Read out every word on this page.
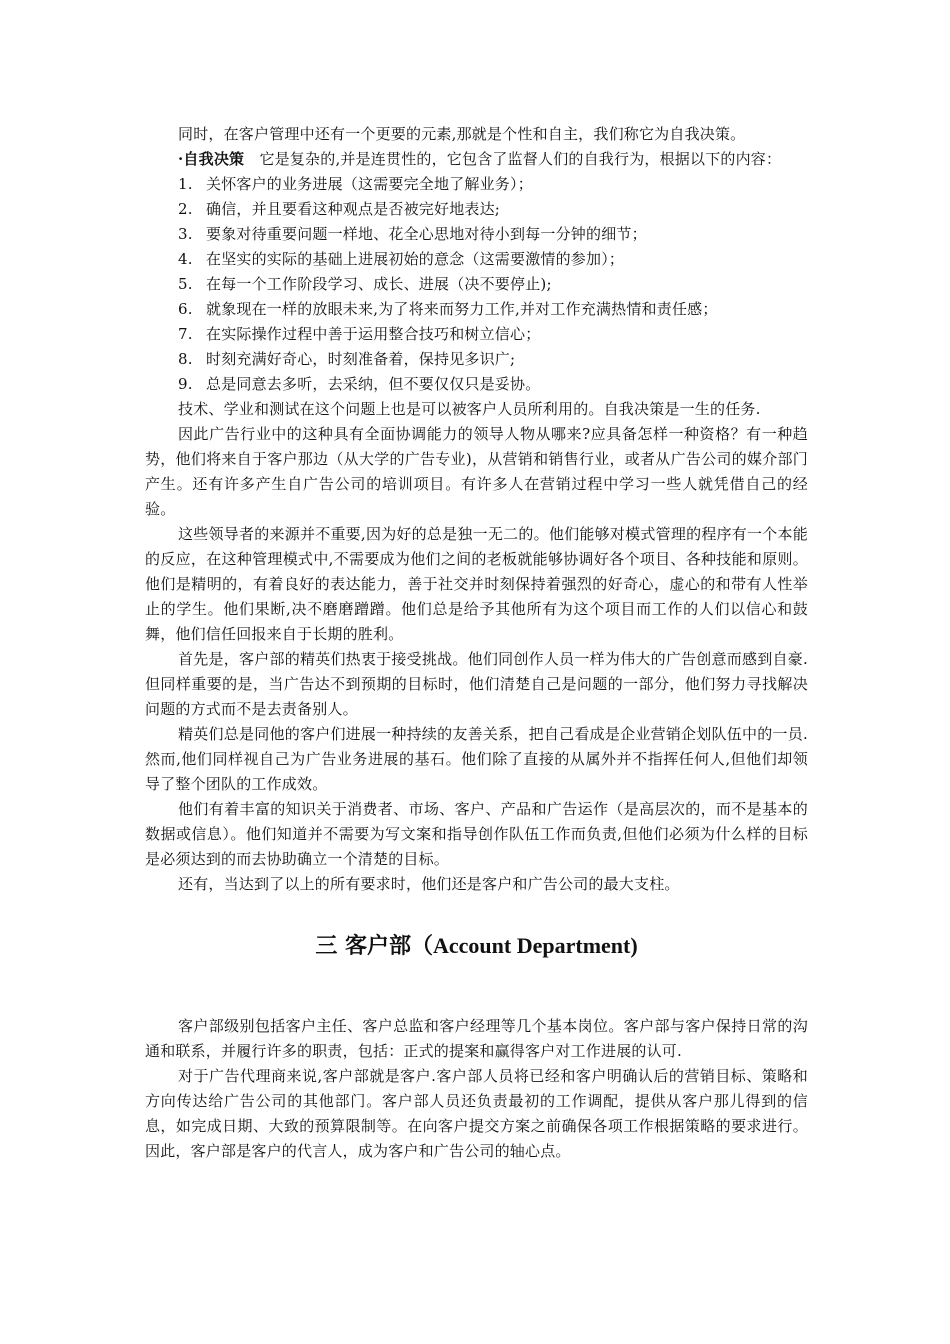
同时，在客户管理中还有一个更要的元素,那就是个性和自主，我们称它为自我决策。

·自我决策　 它是复杂的,并是连贯性的，它包含了监督人们的自我行为，根据以下的内容：

1. 关怀客户的业务进展（这需要完全地了解业务）；
2. 确信，并且要看这种观点是否被完好地表达;
3. 要象对待重要问题一样地、花全心思地对待小到每一分钟的细节；
4. 在坚实的实际的基础上进展初始的意念（这需要激情的参加）；
5. 在每一个工作阶段学习、成长、进展（决不要停止);
6. 就象现在一样的放眼未来,为了将来而努力工作,并对工作充满热情和责任感；
7. 在实际操作过程中善于运用整合技巧和树立信心；
8. 时刻充满好奇心，时刻准备着，保持见多识广;
9. 总是同意去多听，去采纳，但不要仅仅只是妥协。

技术、学业和测试在这个问题上也是可以被客户人员所利用的。自我决策是一生的任务.

因此广告行业中的这种具有全面协调能力的领导人物从哪来?应具备怎样一种资格？有一种趋势，他们将来自于客户那边（从大学的广告专业)，从营销和销售行业，或者从广告公司的媒介部门产生。还有许多产生自广告公司的培训项目。有许多人在营销过程中学习一些人就凭借自己的经验。

这些领导者的来源并不重要,因为好的总是独一无二的。他们能够对模式管理的程序有一个本能的反应，在这种管理模式中,不需要成为他们之间的老板就能够协调好各个项目、各种技能和原则。他们是精明的，有着良好的表达能力，善于社交并时刻保持着强烈的好奇心，虚心的和带有人性举止的学生。他们果断,决不磨磨蹭蹭。他们总是给予其他所有为这个项目而工作的人们以信心和鼓舞，他们信任回报来自于长期的胜利。

首先是，客户部的精英们热衷于接受挑战。他们同创作人员一样为伟大的广告创意而感到自豪.但同样重要的是，当广告达不到预期的目标时，他们清楚自己是问题的一部分，他们努力寻找解决问题的方式而不是去责备别人。

精英们总是同他的客户们进展一种持续的友善关系，把自己看成是企业营销企划队伍中的一员.然而,他们同样视自己为广告业务进展的基石。他们除了直接的从属外并不指挥任何人,但他们却领导了整个团队的工作成效。

他们有着丰富的知识关于消费者、市场、客户、产品和广告运作（是高层次的，而不是基本的数据或信息）。他们知道并不需要为写文案和指导创作队伍工作而负责,但他们必须为什么样的目标是必须达到的而去协助确立一个清楚的目标。

还有，当达到了以上的所有要求时，他们还是客户和广告公司的最大支柱。

三 客户部（Account Department)

客户部级别包括客户主任、客户总监和客户经理等几个基本岗位。客户部与客户保持日常的沟通和联系，并履行许多的职责，包括：正式的提案和赢得客户对工作进展的认可.

对于广告代理商来说,客户部就是客户.客户部人员将已经和客户明确认后的营销目标、策略和方向传达给广告公司的其他部门。客户部人员还负责最初的工作调配，提供从客户那儿得到的信息，如完成日期、大致的预算限制等。在向客户提交方案之前确保各项工作根据策略的要求进行。因此，客户部是客户的代言人，成为客户和广告公司的轴心点。
